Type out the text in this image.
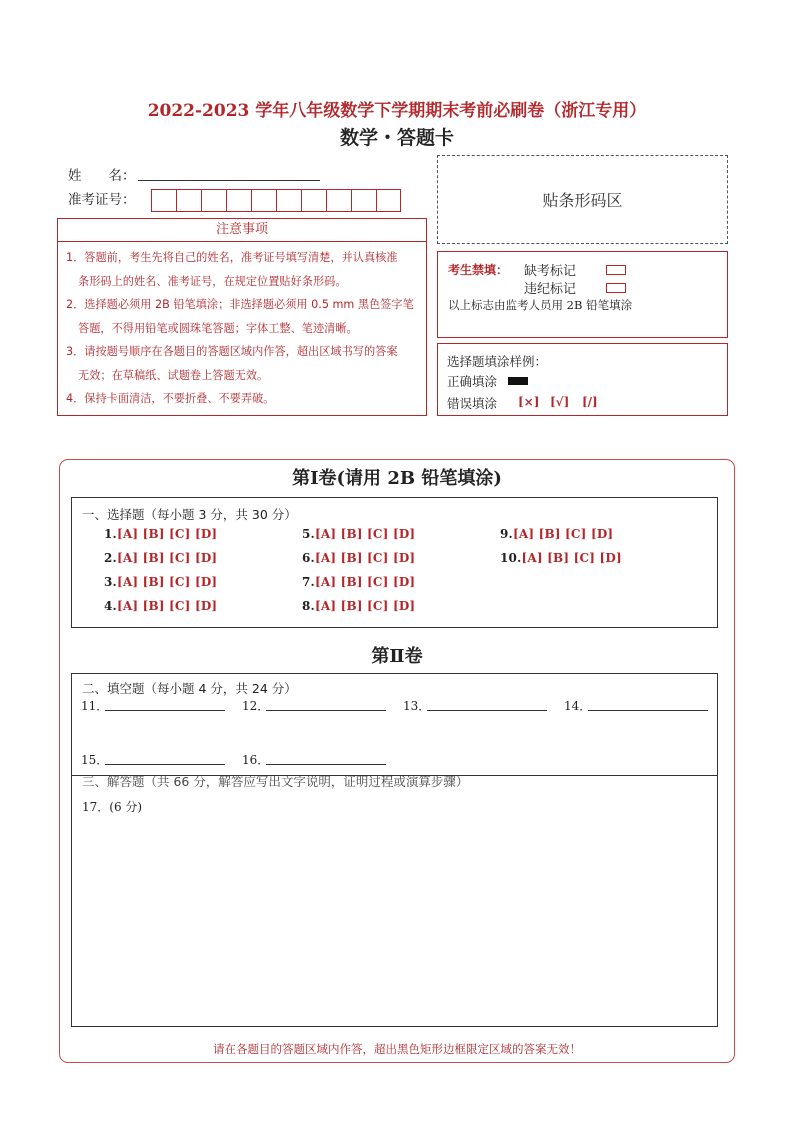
2022-2023 学年八年级数学下学期期末考前必刷卷（浙江专用）
数学・答题卡
姓　　名：
准考证号：	贴条形码区
注意事项
1．答题前，考生先将自己的姓名，准考证号填写清楚，并认真核准
条形码上的姓名、准考证号，在规定位置贴好条形码。
2．选择题必须用 2B 铅笔填涂；非选择题必须用 0.5 mm 黑色签字笔
答题，不得用铅笔或圆珠笔答题；字体工整、笔迹清晰。
3．请按题号顺序在各题目的答题区域内作答，超出区域书写的答案
无效；在草稿纸、试题卷上答题无效。
4．保持卡面清洁，不要折叠、不要弄破。
考生禁填： 缺考标记
违纪标记
以上标志由监考人员用 2B 铅笔填涂
选择题填涂样例：
正确填涂
错误填涂 [×] [√] [/]
第Ⅰ卷(请用 2B 铅笔填涂)
一、选择题（每小题 3 分，共 30 分）
1.[A] [B] [C] [D]
2.[A] [B] [C] [D]
3.[A] [B] [C] [D]
4.[A] [B] [C] [D]
5.[A] [B] [C] [D]
6.[A] [B] [C] [D]
7.[A] [B] [C] [D]
8.[A] [B] [C] [D]
9.[A] [B] [C] [D]
10.[A] [B] [C] [D]
第Ⅱ卷
二、填空题（每小题 4 分，共 24 分）
11．	12．	13．	14．
15．	16．
三、解答题（共 66 分，解答应写出文字说明，证明过程或演算步骤）
17．(6 分)
请在各题目的答题区域内作答，超出黑色矩形边框限定区域的答案无效！
